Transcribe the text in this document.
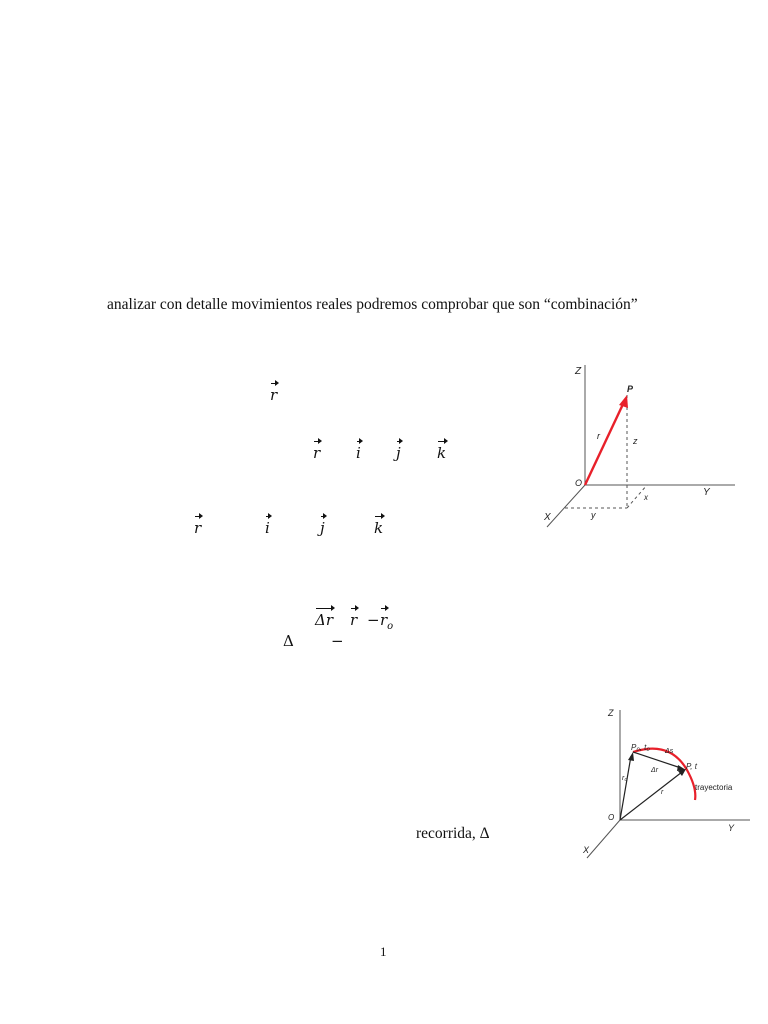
analizar con detalle movimientos reales podremos comprobar que son “combinación”
r
r i j k
r	i	j	k
Δr $r - r_o$
Δ −
recorrida, Δ
Z
Y
X
O
P
r	z
x
y
Z
Y
X
O
P₀, t₀
P, t
Δs
Δr
r₀
r
trayectoria
1
